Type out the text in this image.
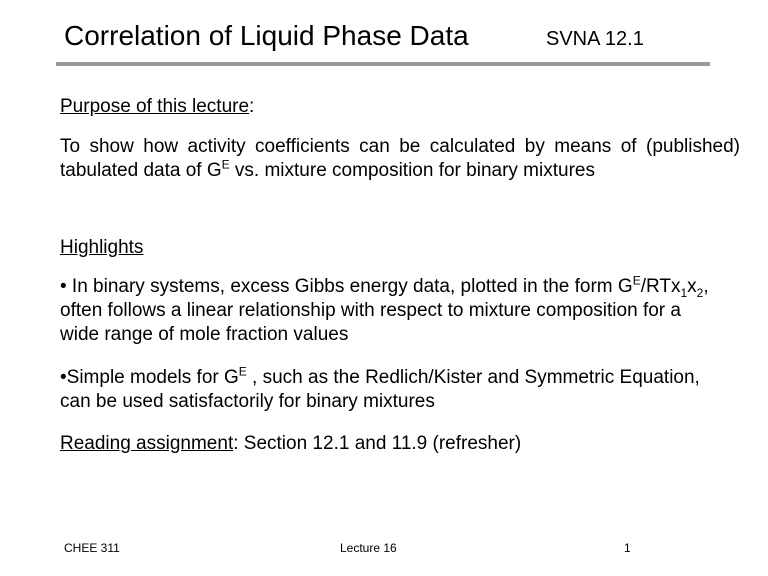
Correlation of Liquid Phase Data	SVNA 12.1
Purpose of this lecture:
To show how activity coefficients can be calculated by means of (published) tabulated data of $G^E$ vs. mixture composition for binary mixtures
Highlights
• In binary systems, excess Gibbs energy data, plotted in the form $G^E/RTx_1x_2$, often follows a linear relationship with respect to mixture composition for a wide range of mole fraction values
•Simple models for $G^E$ , such as the Redlich/Kister and Symmetric Equation, can be used satisfactorily for binary mixtures
Reading assignment: Section 12.1 and 11.9 (refresher)
CHEE 311	Lecture 16	1
